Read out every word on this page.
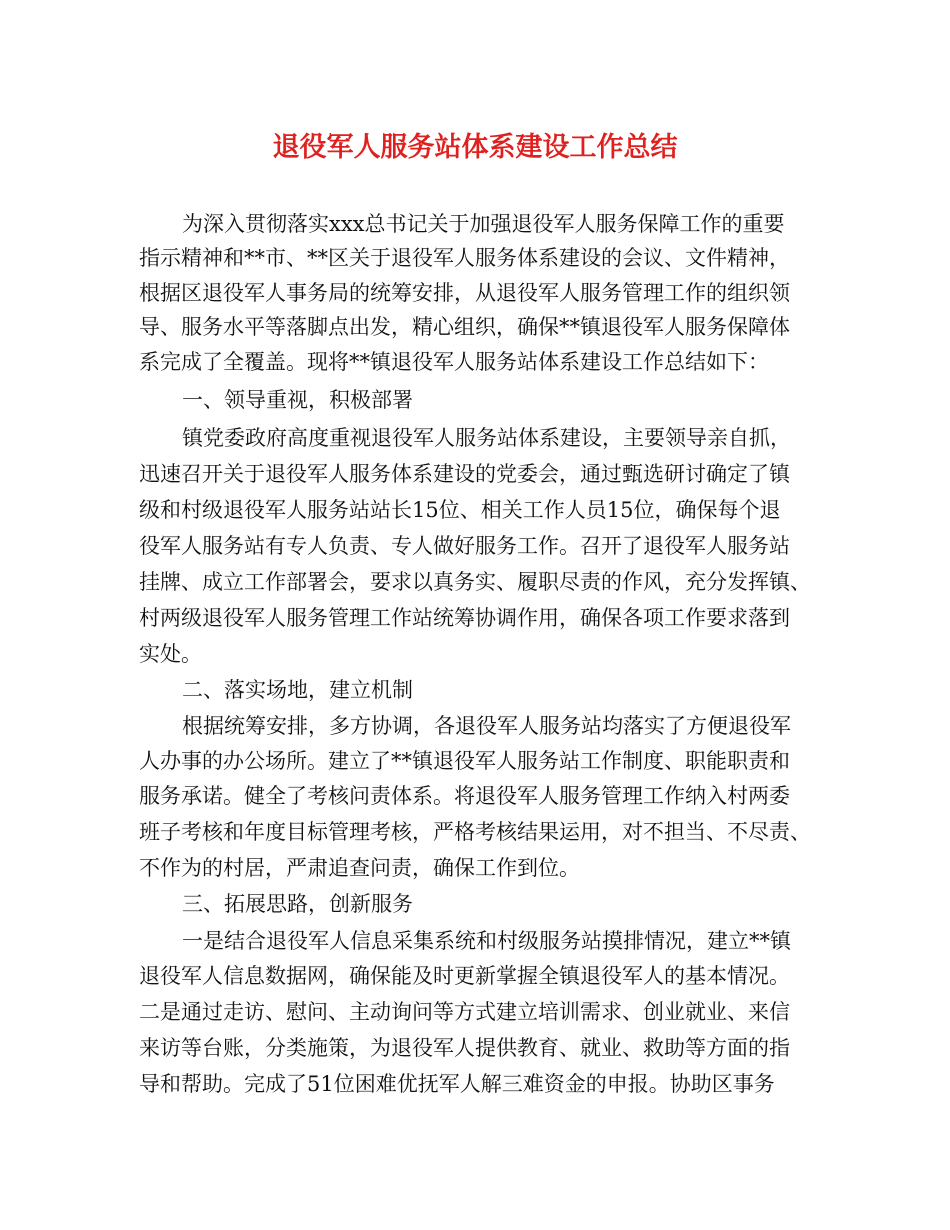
退役军人服务站体系建设工作总结

为深入贯彻落实xxx总书记关于加强退役军人服务保障工作的重要

指示精神和**市、**区关于退役军人服务体系建设的会议、文件精神，

根据区退役军人事务局的统筹安排，从退役军人服务管理工作的组织领

导、服务水平等落脚点出发，精心组织，确保**镇退役军人服务保障体

系完成了全覆盖。现将**镇退役军人服务站体系建设工作总结如下：

一、领导重视，积极部署

镇党委政府高度重视退役军人服务站体系建设，主要领导亲自抓，

迅速召开关于退役军人服务体系建设的党委会，通过甄选研讨确定了镇

级和村级退役军人服务站站长15位、相关工作人员15位，确保每个退

役军人服务站有专人负责、专人做好服务工作。召开了退役军人服务站

挂牌、成立工作部署会，要求以真务实、履职尽责的作风，充分发挥镇、

村两级退役军人服务管理工作站统筹协调作用，确保各项工作要求落到

实处。

二、落实场地，建立机制

根据统筹安排，多方协调，各退役军人服务站均落实了方便退役军

人办事的办公场所。建立了**镇退役军人服务站工作制度、职能职责和

服务承诺。健全了考核问责体系。将退役军人服务管理工作纳入村两委

班子考核和年度目标管理考核，严格考核结果运用，对不担当、不尽责、

不作为的村居，严肃追查问责，确保工作到位。

三、拓展思路，创新服务

一是结合退役军人信息采集系统和村级服务站摸排情况，建立**镇

退役军人信息数据网，确保能及时更新掌握全镇退役军人的基本情况。

二是通过走访、慰问、主动询问等方式建立培训需求、创业就业、来信

来访等台账，分类施策，为退役军人提供教育、就业、救助等方面的指

导和帮助。完成了51位困难优抚军人解三难资金的申报。协助区事务
